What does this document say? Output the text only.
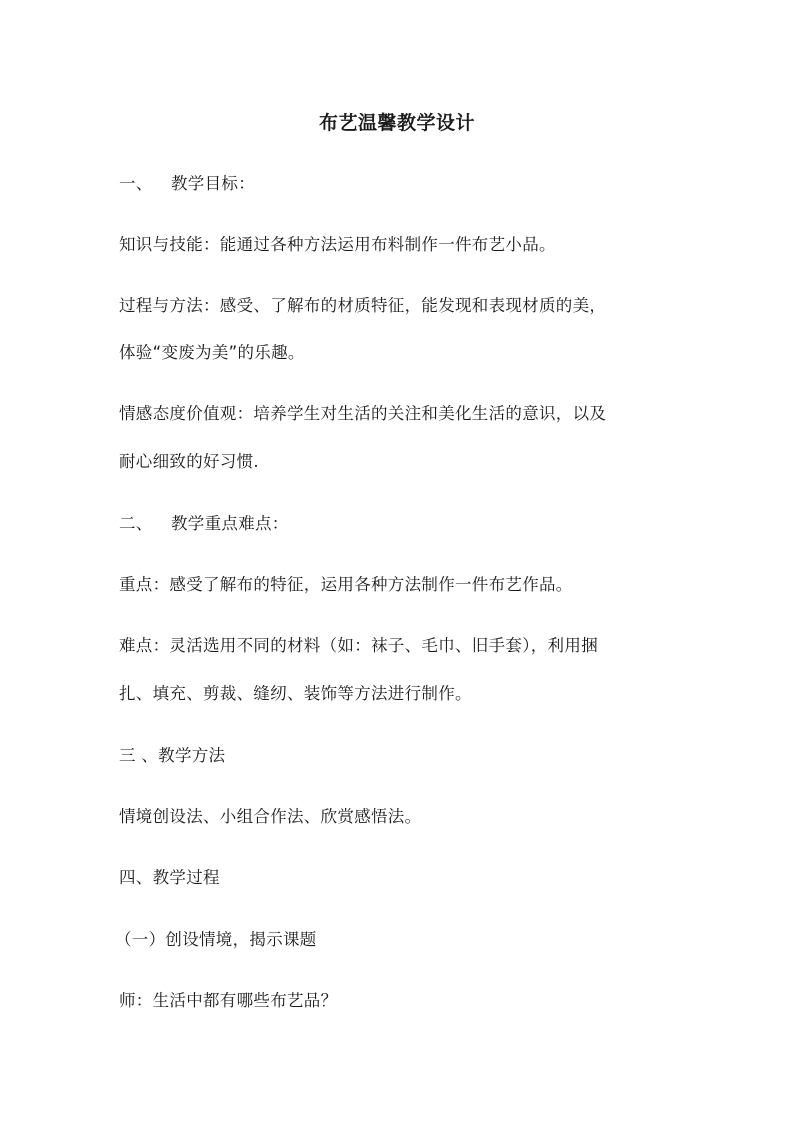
布艺温馨教学设计
一、 教学目标：
知识与技能：能通过各种方法运用布料制作一件布艺小品。
过程与方法：感受、了解布的材质特征，能发现和表现材质的美，
体验“变废为美”的乐趣。
情感态度价值观：培养学生对生活的关注和美化生活的意识，以及
耐心细致的好习惯.
二、 教学重点难点：
重点：感受了解布的特征，运用各种方法制作一件布艺作品。
难点：灵活选用不同的材料（如：袜子、毛巾、旧手套），利用捆
扎、填充、剪裁、缝纫、装饰等方法进行制作。
三 、教学方法
情境创设法、小组合作法、欣赏感悟法。
四、教学过程
（一）创设情境，揭示课题
师：生活中都有哪些布艺品？
